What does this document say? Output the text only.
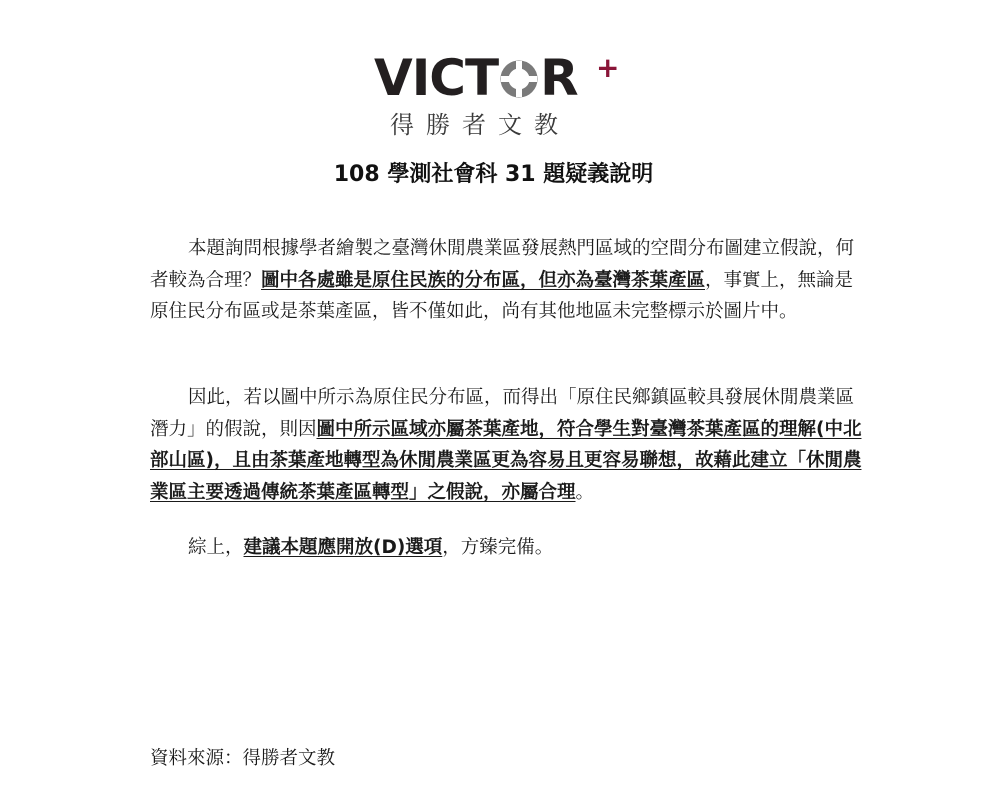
VICT R +
得勝者文教
108 學測社會科 31 題疑義說明

本題詢問根據學者繪製之臺灣休閒農業區發展熱門區域的空間分布圖建立假說，何者較為合理？圖中各處雖是原住民族的分布區，但亦為臺灣茶葉產區，事實上，無論是原住民分布區或是茶葉產區，皆不僅如此，尚有其他地區未完整標示於圖片中。

因此，若以圖中所示為原住民分布區，而得出「原住民鄉鎮區較具發展休閒農業區潛力」的假說，則因圖中所示區域亦屬茶葉產地，符合學生對臺灣茶葉產區的理解(中北部山區)，且由茶葉產地轉型為休閒農業區更為容易且更容易聯想，故藉此建立「休閒農業區主要透過傳統茶葉產區轉型」之假說，亦屬合理。

綜上，建議本題應開放(D)選項，方臻完備。

資料來源：得勝者文教
